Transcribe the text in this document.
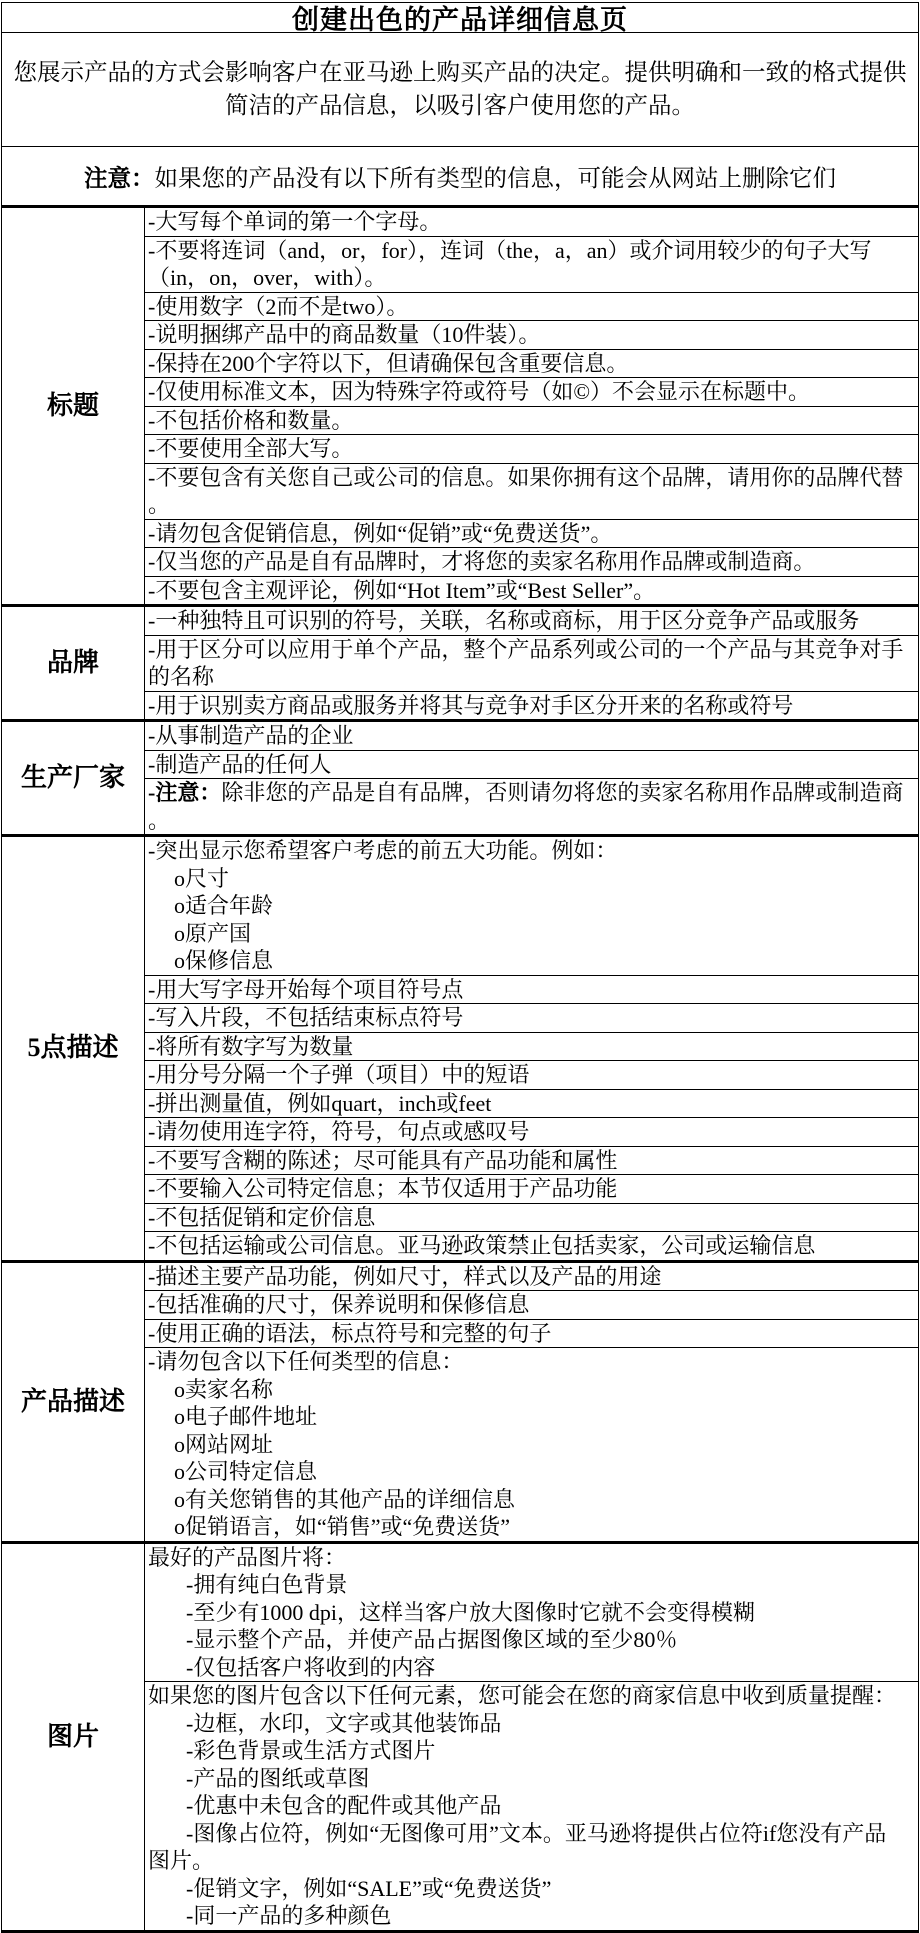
创建出色的产品详细信息页
您展示产品的方式会影响客户在亚马逊上购买产品的决定。提供明确和一致的格式提供
简洁的产品信息，以吸引客户使用您的产品。
注意： 如果您的产品没有以下所有类型的信息，可能会从网站上删除它们
标题
-大写每个单词的第一个字母。
-不要将连词（and，or，for），连词（the，a，an）或介词用较少的句子大写
（in，on，over，with）。
-使用数字（2而不是two）。
-说明捆绑产品中的商品数量（10件装）。
-保持在200个字符以下，但请确保包含重要信息。
-仅使用标准文本，因为特殊字符或符号（如©）不会显示在标题中。
-不包括价格和数量。
-不要使用全部大写。
-不要包含有关您自己或公司的信息。如果你拥有这个品牌，请用你的品牌代替
。
-请勿包含促销信息，例如“促销”或“免费送货”。
-仅当您的产品是自有品牌时，才将您的卖家名称用作品牌或制造商。
-不要包含主观评论，例如“Hot Item”或“Best Seller”。
品牌
-一种独特且可识别的符号，关联，名称或商标，用于区分竞争产品或服务
-用于区分可以应用于单个产品，整个产品系列或公司的一个产品与其竞争对手
的名称
-用于识别卖方商品或服务并将其与竞争对手区分开来的名称或符号
生产厂家
-从事制造产品的企业
-制造产品的任何人
-注意：除非您的产品是自有品牌，否则请勿将您的卖家名称用作品牌或制造商
。
5点描述
-突出显示您希望客户考虑的前五大功能。例如：
o尺寸
o适合年龄
o原产国
o保修信息
-用大写字母开始每个项目符号点
-写入片段，不包括结束标点符号
-将所有数字写为数量
-用分号分隔一个子弹（项目）中的短语
-拼出测量值，例如quart，inch或feet
-请勿使用连字符，符号，句点或感叹号
-不要写含糊的陈述；尽可能具有产品功能和属性
-不要输入公司特定信息；本节仅适用于产品功能
-不包括促销和定价信息
-不包括运输或公司信息。亚马逊政策禁止包括卖家，公司或运输信息
产品描述
-描述主要产品功能，例如尺寸，样式以及产品的用途
-包括准确的尺寸，保养说明和保修信息
-使用正确的语法，标点符号和完整的句子
-请勿包含以下任何类型的信息：
o卖家名称
o电子邮件地址
o网站网址
o公司特定信息
o有关您销售的其他产品的详细信息
o促销语言，如“销售”或“免费送货”
图片
最好的产品图片将：
-拥有纯白色背景
-至少有1000 dpi，这样当客户放大图像时它就不会变得模糊
-显示整个产品，并使产品占据图像区域的至少80％
-仅包括客户将收到的内容
如果您的图片包含以下任何元素，您可能会在您的商家信息中收到质量提醒：
-边框，水印，文字或其他装饰品
-彩色背景或生活方式图片
-产品的图纸或草图
-优惠中未包含的配件或其他产品
-图像占位符，例如“无图像可用”文本。亚马逊将提供占位符if您没有产品
图片。
-促销文字，例如“SALE”或“免费送货”
-同一产品的多种颜色
